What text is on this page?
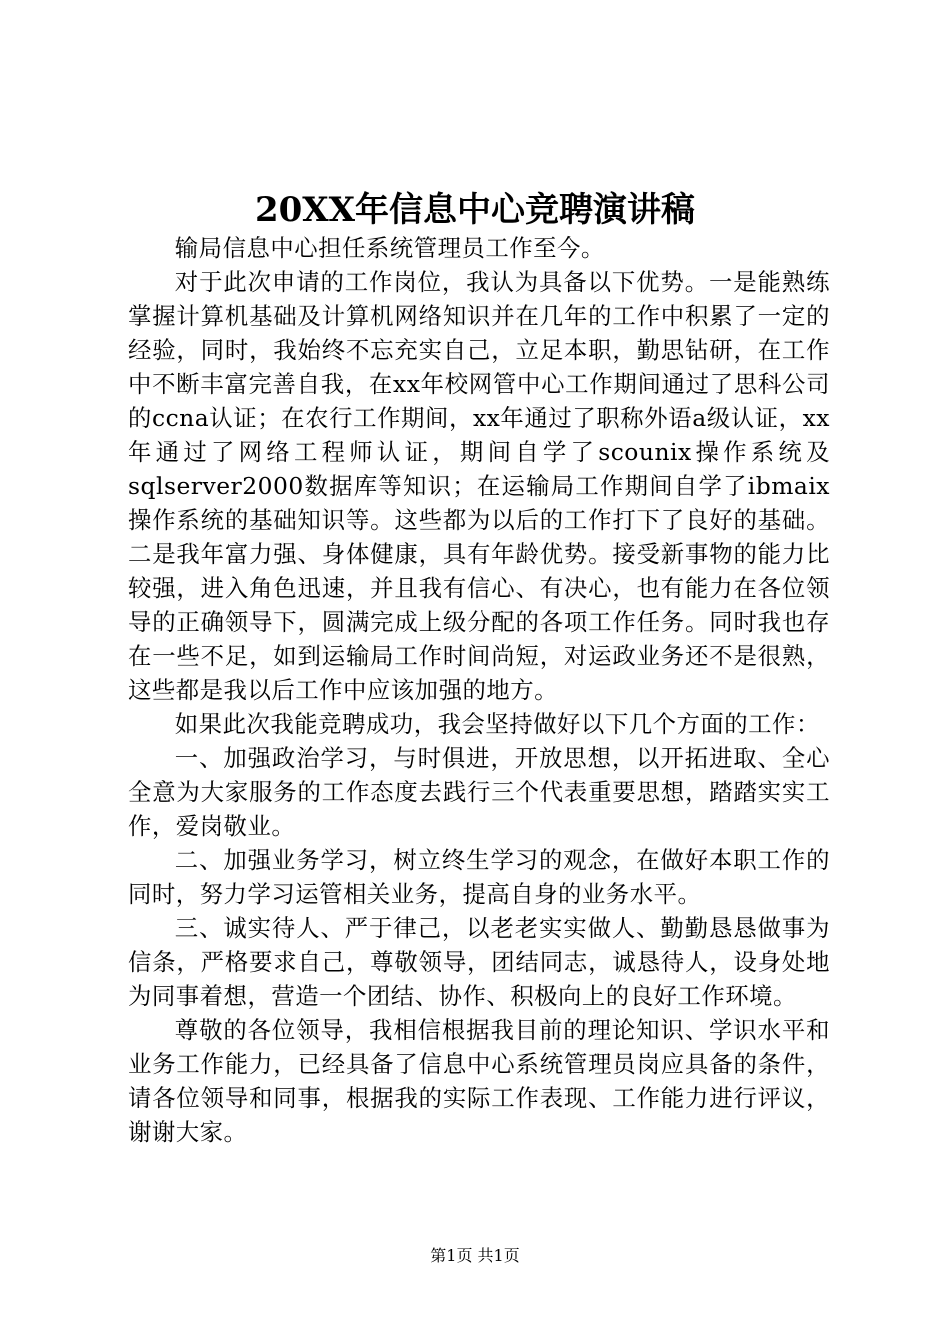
20XX年信息中心竞聘演讲稿

输局信息中心担任系统管理员工作至今。

对于此次申请的工作岗位，我认为具备以下优势。一是能熟练掌握计算机基础及计算机网络知识并在几年的工作中积累了一定的经验，同时，我始终不忘充实自己，立足本职，勤思钻研，在工作中不断丰富完善自我，在xx年校网管中心工作期间通过了思科公司的ccna认证；在农行工作期间，xx年通过了职称外语a级认证，xx年通过了网络工程师认证，期间自学了scounix操作系统及sqlserver2000数据库等知识；在运输局工作期间自学了ibmaix操作系统的基础知识等。这些都为以后的工作打下了良好的基础。二是我年富力强、身体健康，具有年龄优势。接受新事物的能力比较强，进入角色迅速，并且我有信心、有决心，也有能力在各位领导的正确领导下，圆满完成上级分配的各项工作任务。同时我也存在一些不足，如到运输局工作时间尚短，对运政业务还不是很熟，这些都是我以后工作中应该加强的地方。

如果此次我能竞聘成功，我会坚持做好以下几个方面的工作：

一、加强政治学习，与时俱进，开放思想，以开拓进取、全心全意为大家服务的工作态度去践行三个代表重要思想，踏踏实实工作，爱岗敬业。

二、加强业务学习，树立终生学习的观念，在做好本职工作的同时，努力学习运管相关业务，提高自身的业务水平。

三、诚实待人、严于律己，以老老实实做人、勤勤恳恳做事为信条，严格要求自己，尊敬领导，团结同志，诚恳待人，设身处地为同事着想，营造一个团结、协作、积极向上的良好工作环境。

尊敬的各位领导，我相信根据我目前的理论知识、学识水平和业务工作能力，已经具备了信息中心系统管理员岗应具备的条件，请各位领导和同事，根据我的实际工作表现、工作能力进行评议，谢谢大家。

第1页 共1页
